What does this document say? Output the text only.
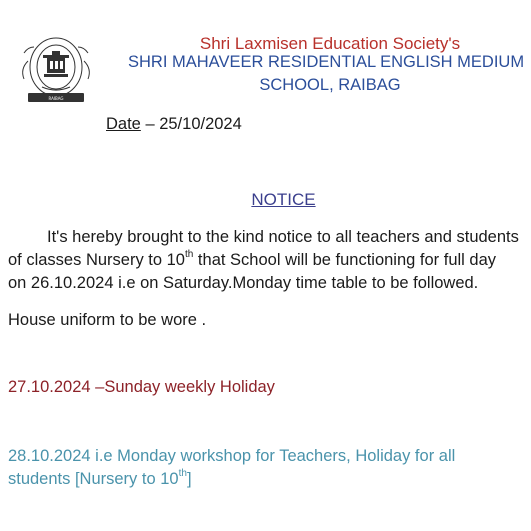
RAIBAG
Shri Laxmisen Education Society's
SHRI MAHAVEER RESIDENTIAL ENGLISH MEDIUM
SCHOOL, RAIBAG
Date – 25/10/2024
NOTICE
It's hereby brought to the kind notice to all teachers and students
of classes Nursery to 10th that School will be functioning for full day
on 26.10.2024 i.e on Saturday.Monday time table to be followed.
House uniform to be wore .
27.10.2024 –Sunday weekly Holiday
28.10.2024 i.e Monday workshop for Teachers, Holiday for all
students [Nursery to 10th]
